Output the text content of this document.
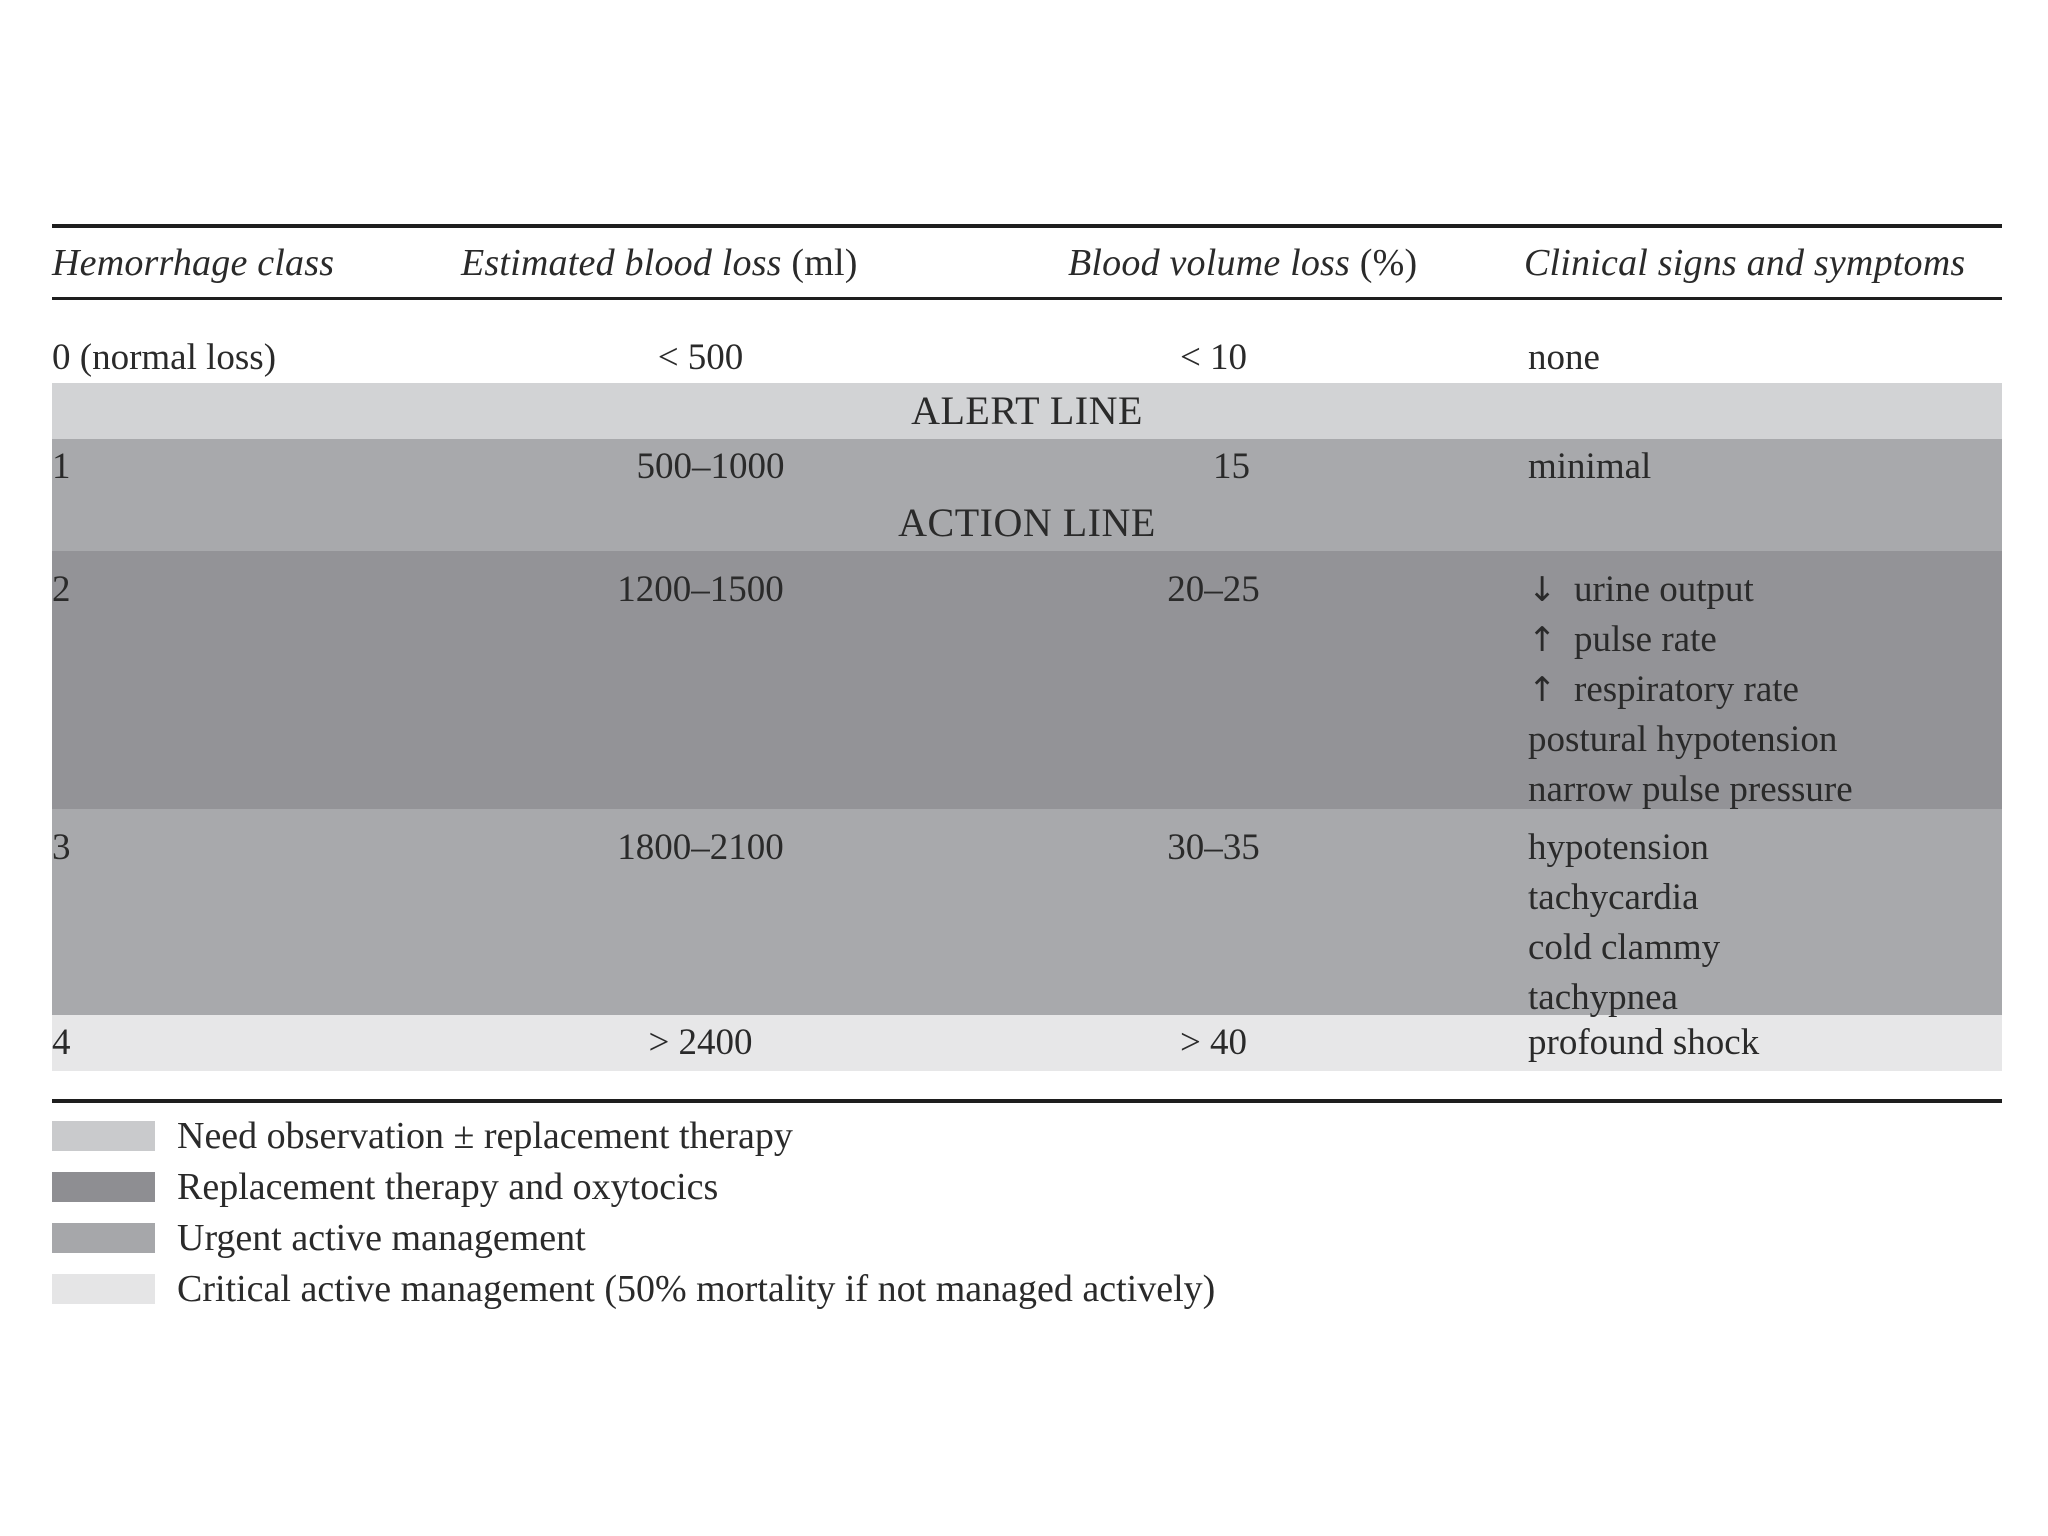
Hemorrhage class	Estimated blood loss (ml)	Blood volume loss (%)	Clinical signs and symptoms
0 (normal loss)	< 500	< 10	none
ALERT LINE
1	500–1000	15	minimal
ACTION LINE
2	1200–1500	20–25	↓ urine output
↑ pulse rate
↑ respiratory rate
postural hypotension
narrow pulse pressure
3	1800–2100	30–35	hypotension
tachycardia
cold clammy
tachypnea
4	> 2400	> 40	profound shock
Need observation ± replacement therapy
Replacement therapy and oxytocics
Urgent active management
Critical active management (50% mortality if not managed actively)
